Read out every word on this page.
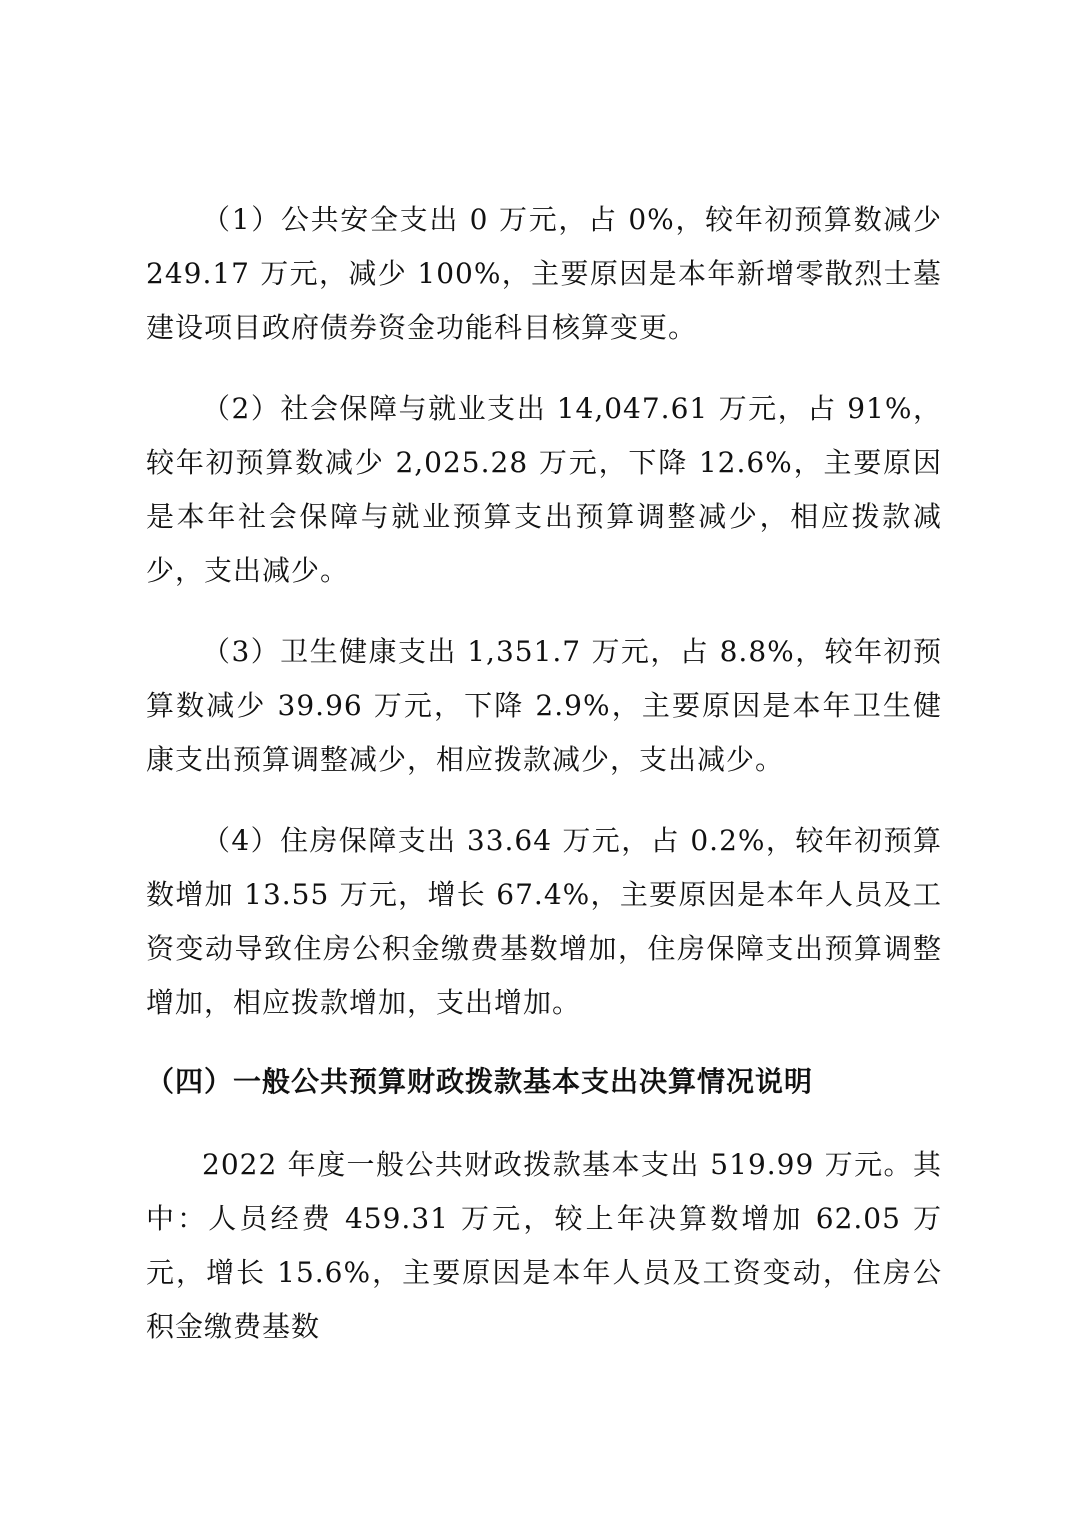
（1）公共安全支出 0 万元，占 0%，较年初预算数减少 249.17 万元，减少 100%，主要原因是本年新增零散烈士墓建设项目政府债券资金功能科目核算变更。

（2）社会保障与就业支出 14,047.61 万元，占 91%，较年初预算数减少 2,025.28 万元，下降 12.6%，主要原因是本年社会保障与就业预算支出预算调整减少，相应拨款减少，支出减少。

（3）卫生健康支出 1,351.7 万元，占 8.8%，较年初预算数减少 39.96 万元，下降 2.9%，主要原因是本年卫生健康支出预算调整减少，相应拨款减少，支出减少。

（4）住房保障支出 33.64 万元，占 0.2%，较年初预算数增加 13.55 万元，增长 67.4%，主要原因是本年人员及工资变动导致住房公积金缴费基数增加，住房保障支出预算调整增加，相应拨款增加，支出增加。

（四）一般公共预算财政拨款基本支出决算情况说明

2022 年度一般公共财政拨款基本支出 519.99 万元。其中：人员经费 459.31 万元，较上年决算数增加 62.05 万元，增长 15.6%，主要原因是本年人员及工资变动，住房公积金缴费基数
